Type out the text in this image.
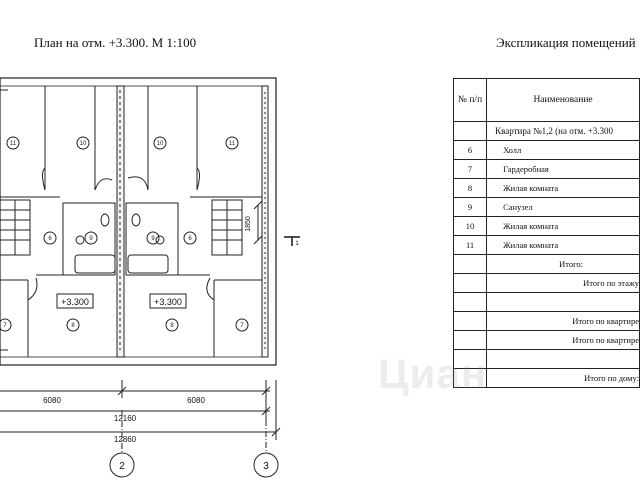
План на отм. +3.300. М 1:100	Экспликация помещений
11	10	10	11
6	9	9	6
7	8	8	7
+3.300	+3.300
6080	6080
12160
12860
1850
2	3
1
№ п/п	Наименование
	Квартира №1,2 (на отм. +3.300
6	Холл
7	Гардеробная
8	Жилая комната
9	Санузел
10	Жилая комната
11	Жилая комната
	Итого:
	Итого по этажу

	Итого по квартире
	Итого по квартире

	Итого по дому:
Циан
